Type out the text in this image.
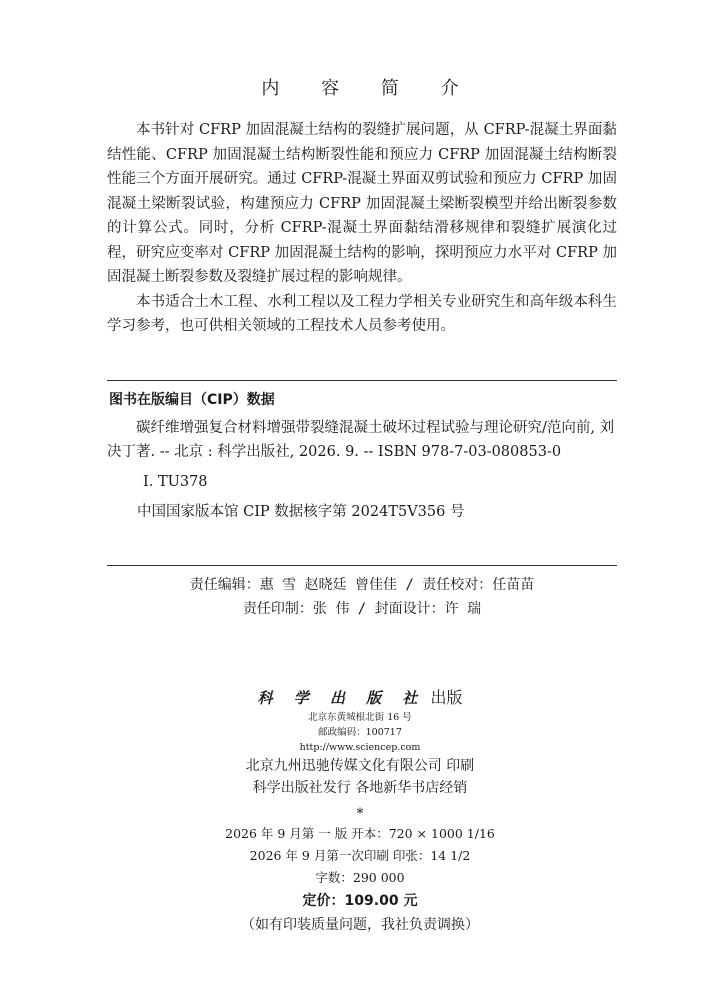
内 容 简 介

本书针对 CFRP 加固混凝土结构的裂缝扩展问题，从 CFRP-混凝土界面黏结性能、CFRP 加固混凝土结构断裂性能和预应力 CFRP 加固混凝土结构断裂性能三个方面开展研究。通过 CFRP-混凝土界面双剪试验和预应力 CFRP 加固混凝土梁断裂试验，构建预应力 CFRP 加固混凝土梁断裂模型并给出断裂参数的计算公式。同时，分析 CFRP-混凝土界面黏结滑移规律和裂缝扩展演化过程，研究应变率对 CFRP 加固混凝土结构的影响，探明预应力水平对 CFRP 加固混凝土断裂参数及裂缝扩展过程的影响规律。

本书适合土木工程、水利工程以及工程力学相关专业研究生和高年级本科生学习参考，也可供相关领域的工程技术人员参考使用。

图书在版编目（CIP）数据
碳纤维增强复合材料增强带裂缝混凝土破坏过程试验与理论研究/范向前, 刘决丁著. -- 北京 : 科学出版社, 2026. 9. -- ISBN 978-7-03-080853-0
Ⅰ. TU378
中国国家版本馆 CIP 数据核字第 2024T5V356 号
责任编辑：惠 雪 赵晓廷 曾佳佳 / 责任校对：任苗苗
责任印制：张 伟 / 封面设计：许 瑞
科 学 出 版 社 出版
北京东黄城根北街 16 号
邮政编码：100717
http://www.sciencep.com
北京九州迅驰传媒文化有限公司 印刷
科学出版社发行 各地新华书店经销
*
2026 年 9 月第 一 版 开本：720 × 1000 1/16
2026 年 9 月第一次印刷 印张：14 1/2
字数：290 000
定价：109.00 元
（如有印装质量问题，我社负责调换）
